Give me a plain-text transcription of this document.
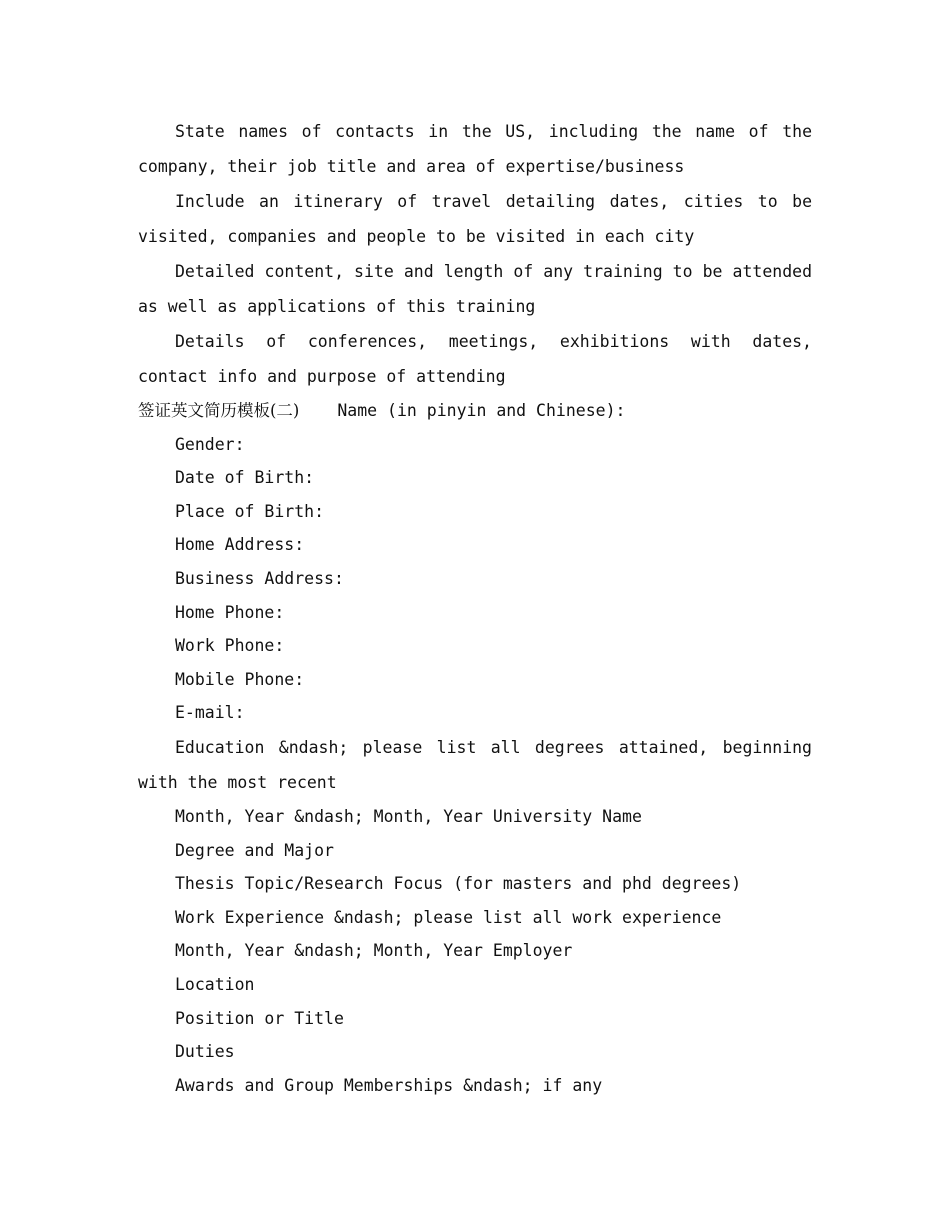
State names of contacts in the US, including the name of the company, their job title and area of expertise/business

Include an itinerary of travel detailing dates, cities to be visited, companies and people to be visited in each city

Detailed content, site and length of any training to be attended as well as applications of this training

Details of conferences, meetings, exhibitions with dates, contact info and purpose of attending

签证英文简历模板(二) Name (in pinyin and Chinese):

Gender:

Date of Birth:

Place of Birth:

Home Address:

Business Address:

Home Phone:

Work Phone:

Mobile Phone:

E-mail:

Education &ndash; please list all degrees attained, beginning with the most recent

Month, Year &ndash; Month, Year University Name

Degree and Major

Thesis Topic/Research Focus (for masters and phd degrees)

Work Experience &ndash; please list all work experience

Month, Year &ndash; Month, Year Employer

Location

Position or Title

Duties

Awards and Group Memberships &ndash; if any
